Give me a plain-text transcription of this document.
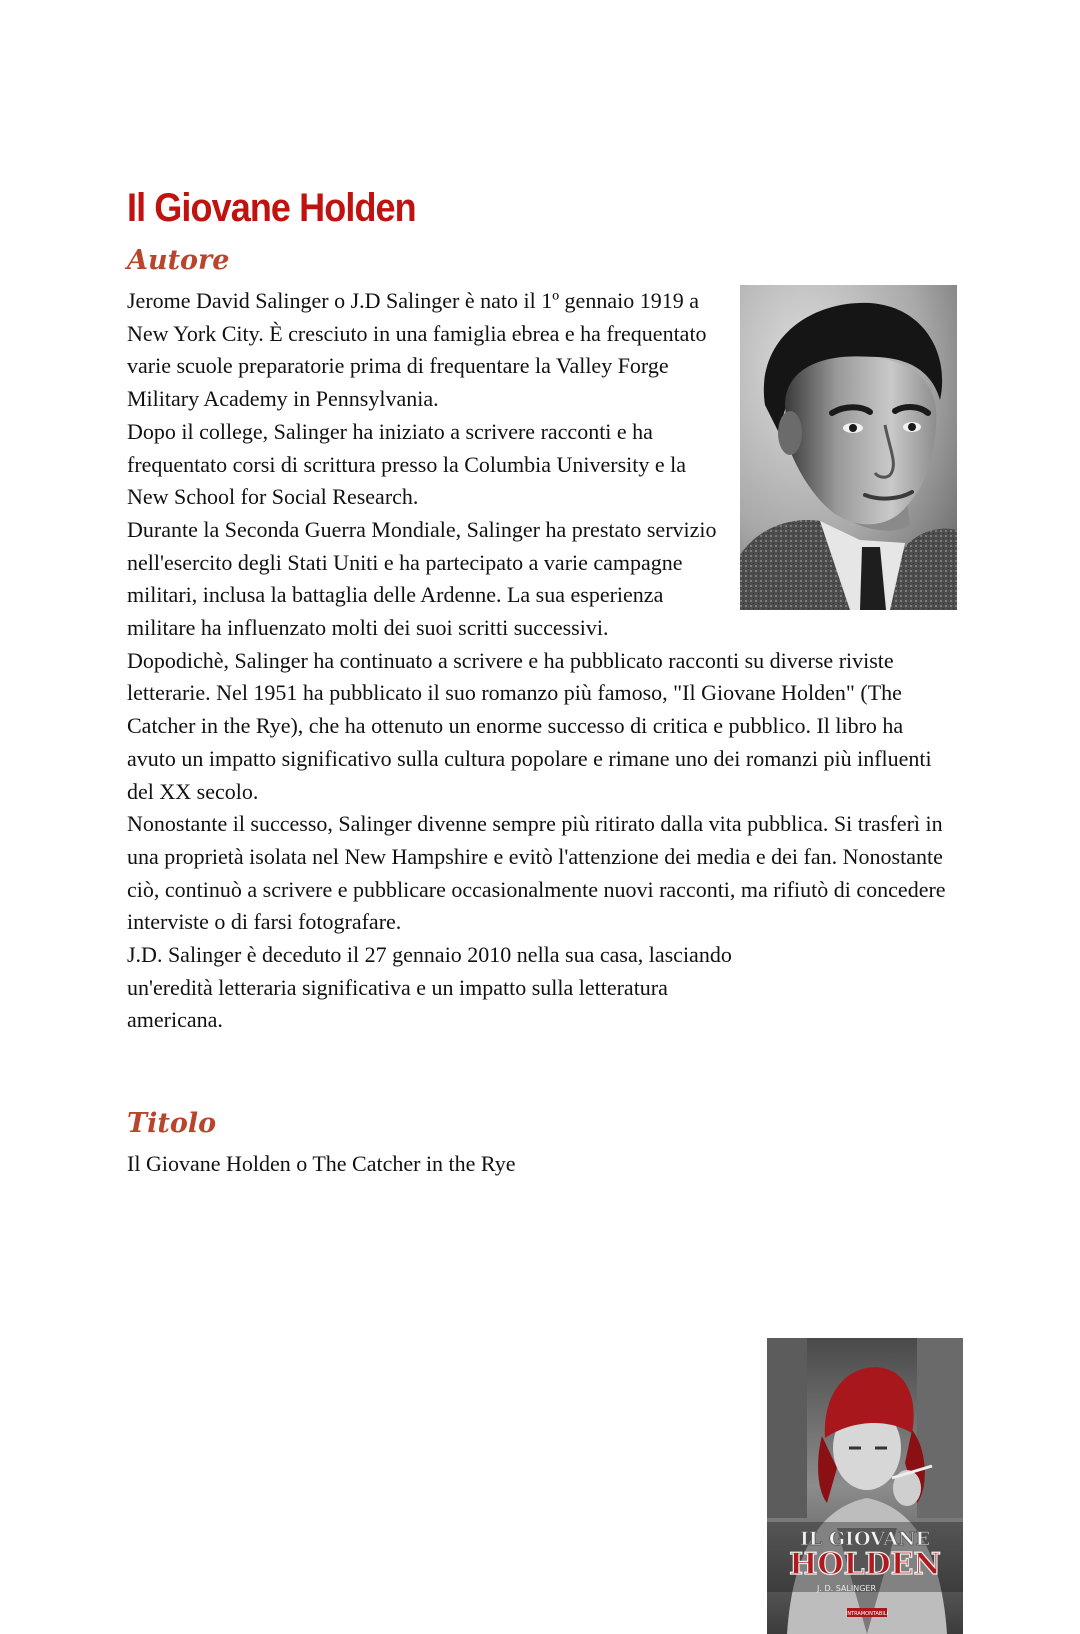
Il Giovane Holden
Autore
IL GIOVANE
HOLDEN
J. D. SALINGER
INTRAMONTABILI

Jerome David Salinger o J.D Salinger è nato il 1º gennaio 1919 a New York City. È cresciuto in una famiglia ebrea e ha frequentato varie scuole preparatorie prima di frequentare la Valley Forge Military Academy in Pennsylvania.

Dopo il college, Salinger ha iniziato a scrivere racconti e ha frequentato corsi di scrittura presso la Columbia University e la New School for Social Research.

Durante la Seconda Guerra Mondiale, Salinger ha prestato servizio nell'esercito degli Stati Uniti e ha partecipato a varie campagne militari, inclusa la battaglia delle Ardenne. La sua esperienza militare ha influenzato molti dei suoi scritti successivi.

Dopodichè, Salinger ha continuato a scrivere e ha pubblicato racconti su diverse riviste letterarie. Nel 1951 ha pubblicato il suo romanzo più famoso, "Il Giovane Holden" (The Catcher in the Rye), che ha ottenuto un enorme successo di critica e pubblico. Il libro ha avuto un impatto significativo sulla cultura popolare e rimane uno dei romanzi più influenti del XX secolo.

Nonostante il successo, Salinger divenne sempre più ritirato dalla vita pubblica. Si trasferì in una proprietà isolata nel New Hampshire e evitò l'attenzione dei media e dei fan. Nonostante ciò, continuò a scrivere e pubblicare occasionalmente nuovi racconti, ma rifiutò di concedere interviste o di farsi fotografare.

J.D. Salinger è deceduto il 27 gennaio 2010 nella sua casa, lasciando un'eredità letteraria significativa e un impatto sulla letteratura americana.

Titolo
Il Giovane Holden o The Catcher in the Rye
